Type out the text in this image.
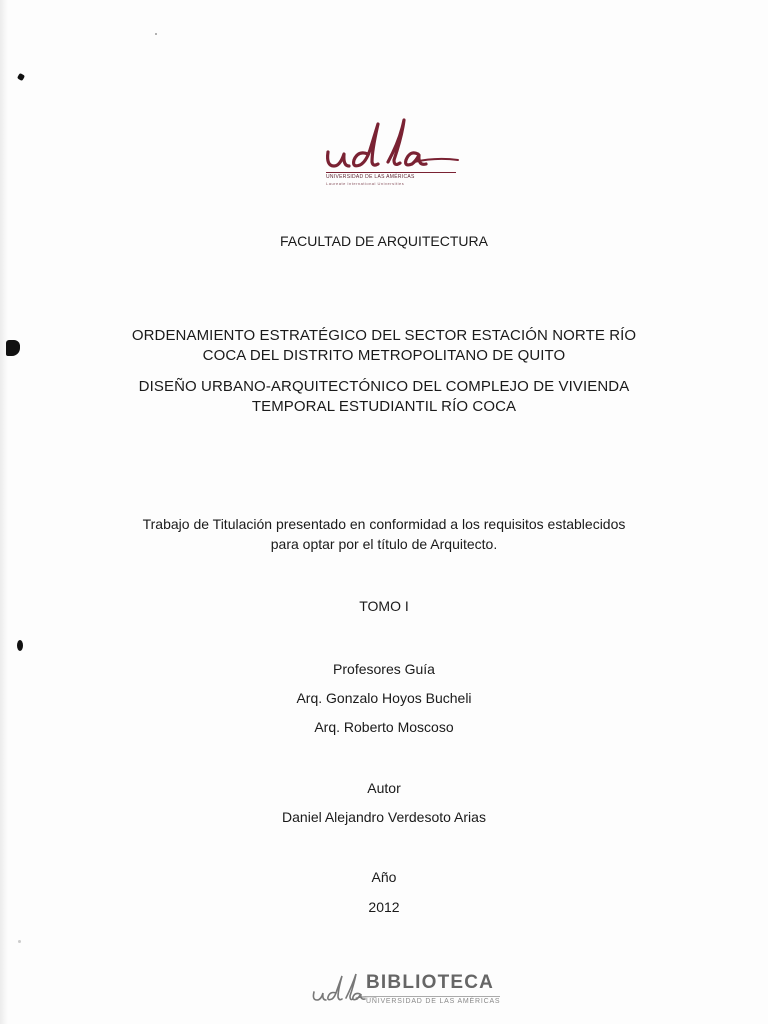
UNIVERSIDAD DE LAS AMÉRICAS
Laureate International Universities
FACULTAD DE ARQUITECTURA
ORDENAMIENTO ESTRATÉGICO DEL SECTOR ESTACIÓN NORTE RÍO
COCA DEL DISTRITO METROPOLITANO DE QUITO
DISEÑO URBANO-ARQUITECTÓNICO DEL COMPLEJO DE VIVIENDA
TEMPORAL ESTUDIANTIL RÍO COCA
Trabajo de Titulación presentado en conformidad a los requisitos establecidos
para optar por el título de Arquitecto.
TOMO I
Profesores Guía
Arq. Gonzalo Hoyos Bucheli
Arq. Roberto Moscoso
Autor
Daniel Alejandro Verdesoto Arias
Año
2012
BIBLIOTECA
UNIVERSIDAD DE LAS AMÉRICAS
